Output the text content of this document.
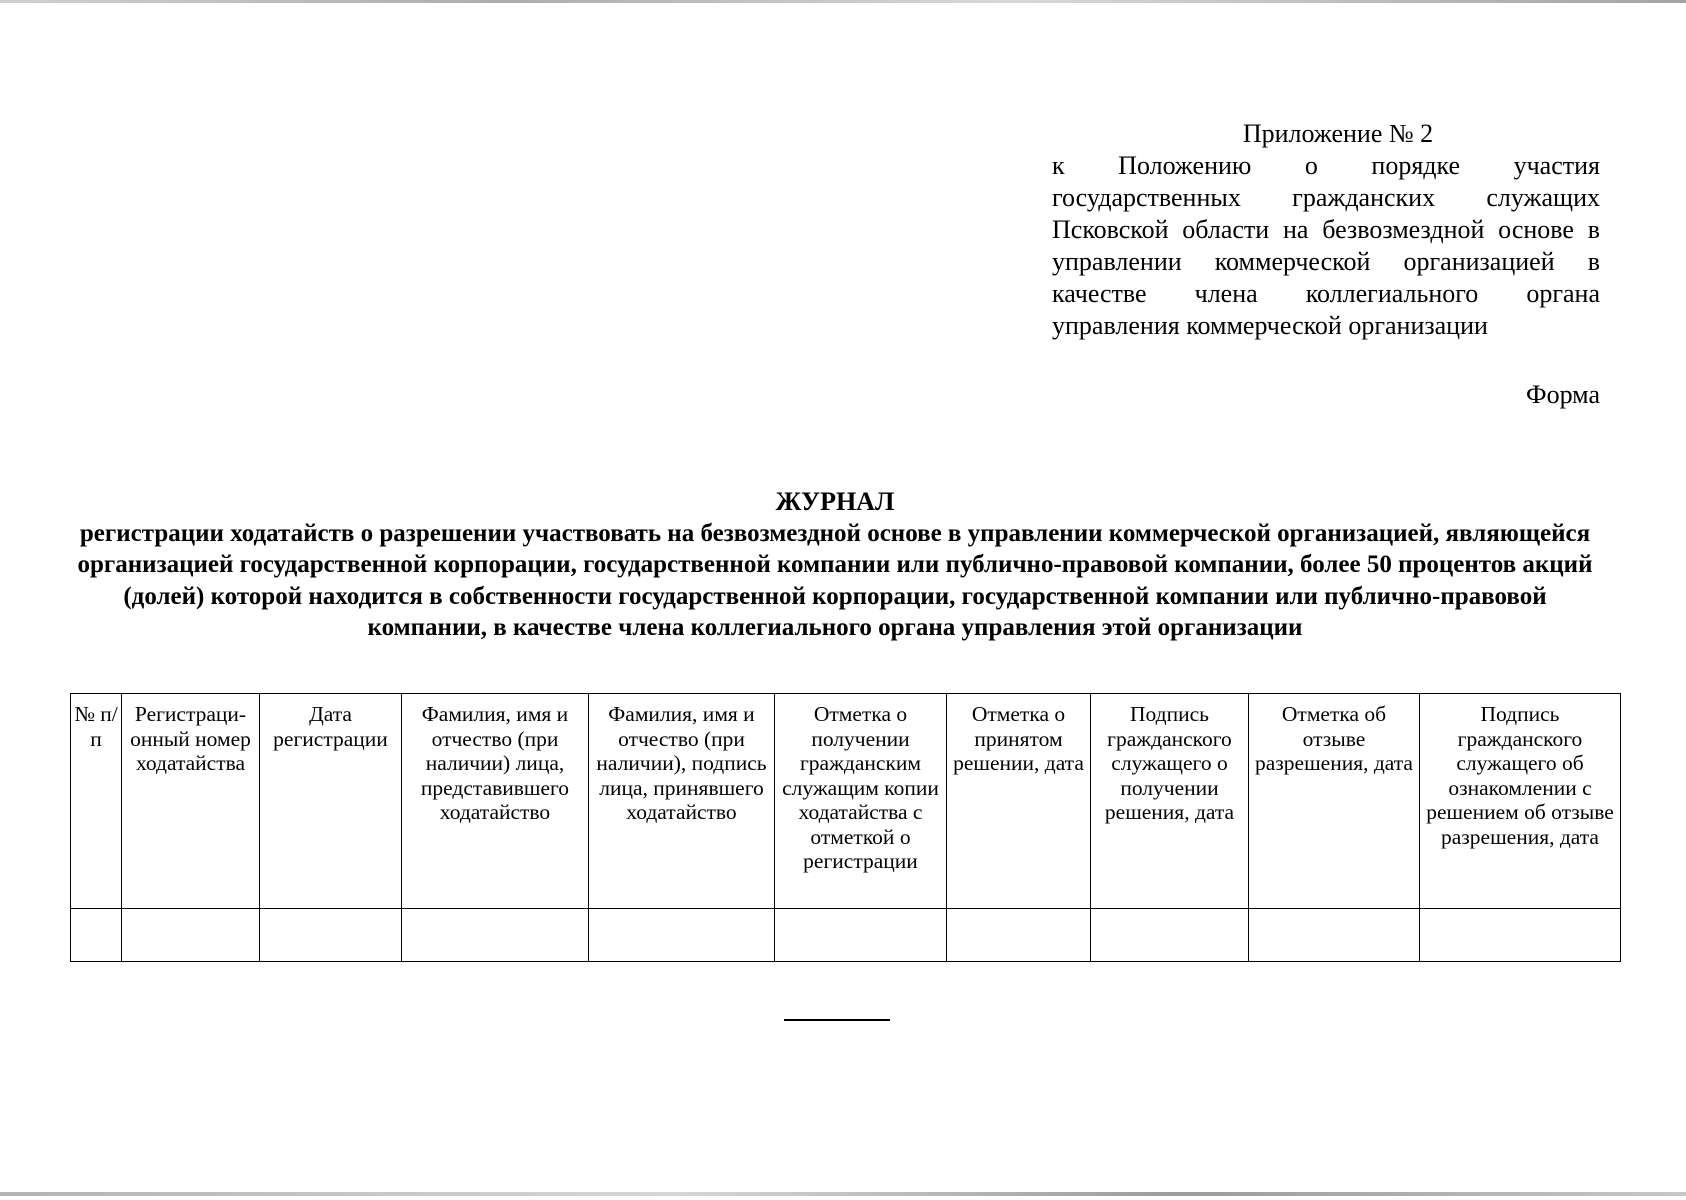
Приложение № 2
к Положению о порядке участия государственных гражданских служащих Псковской области на безвозмездной основе в управлении коммерческой организацией в качестве члена коллегиального органа управления коммерческой организации
Форма
ЖУРНАЛ
регистрации ходатайств о разрешении участвовать на безвозмездной основе в управлении коммерческой организацией, являющейся организацией государственной корпорации, государственной компании или публично-правовой компании, более 50 процентов акций (долей) которой находится в собственности государственной корпорации, государственной компании или публично-правовой компании, в качестве члена коллегиального органа управления этой организации
№ п/п	Регистраци-онный номер ходатайства	Дата регистрации	Фамилия, имя и отчество (при наличии) лица, представившего ходатайство	Фамилия, имя и отчество (при наличии), подпись лица, принявшего ходатайство	Отметка о получении гражданским служащим копии ходатайства с отметкой о регистрации	Отметка о принятом решении, дата	Подпись гражданского служащего о получении решения, дата	Отметка об отзыве разрешения, дата	Подпись гражданского служащего об ознакомлении с решением об отзыве разрешения, дата
